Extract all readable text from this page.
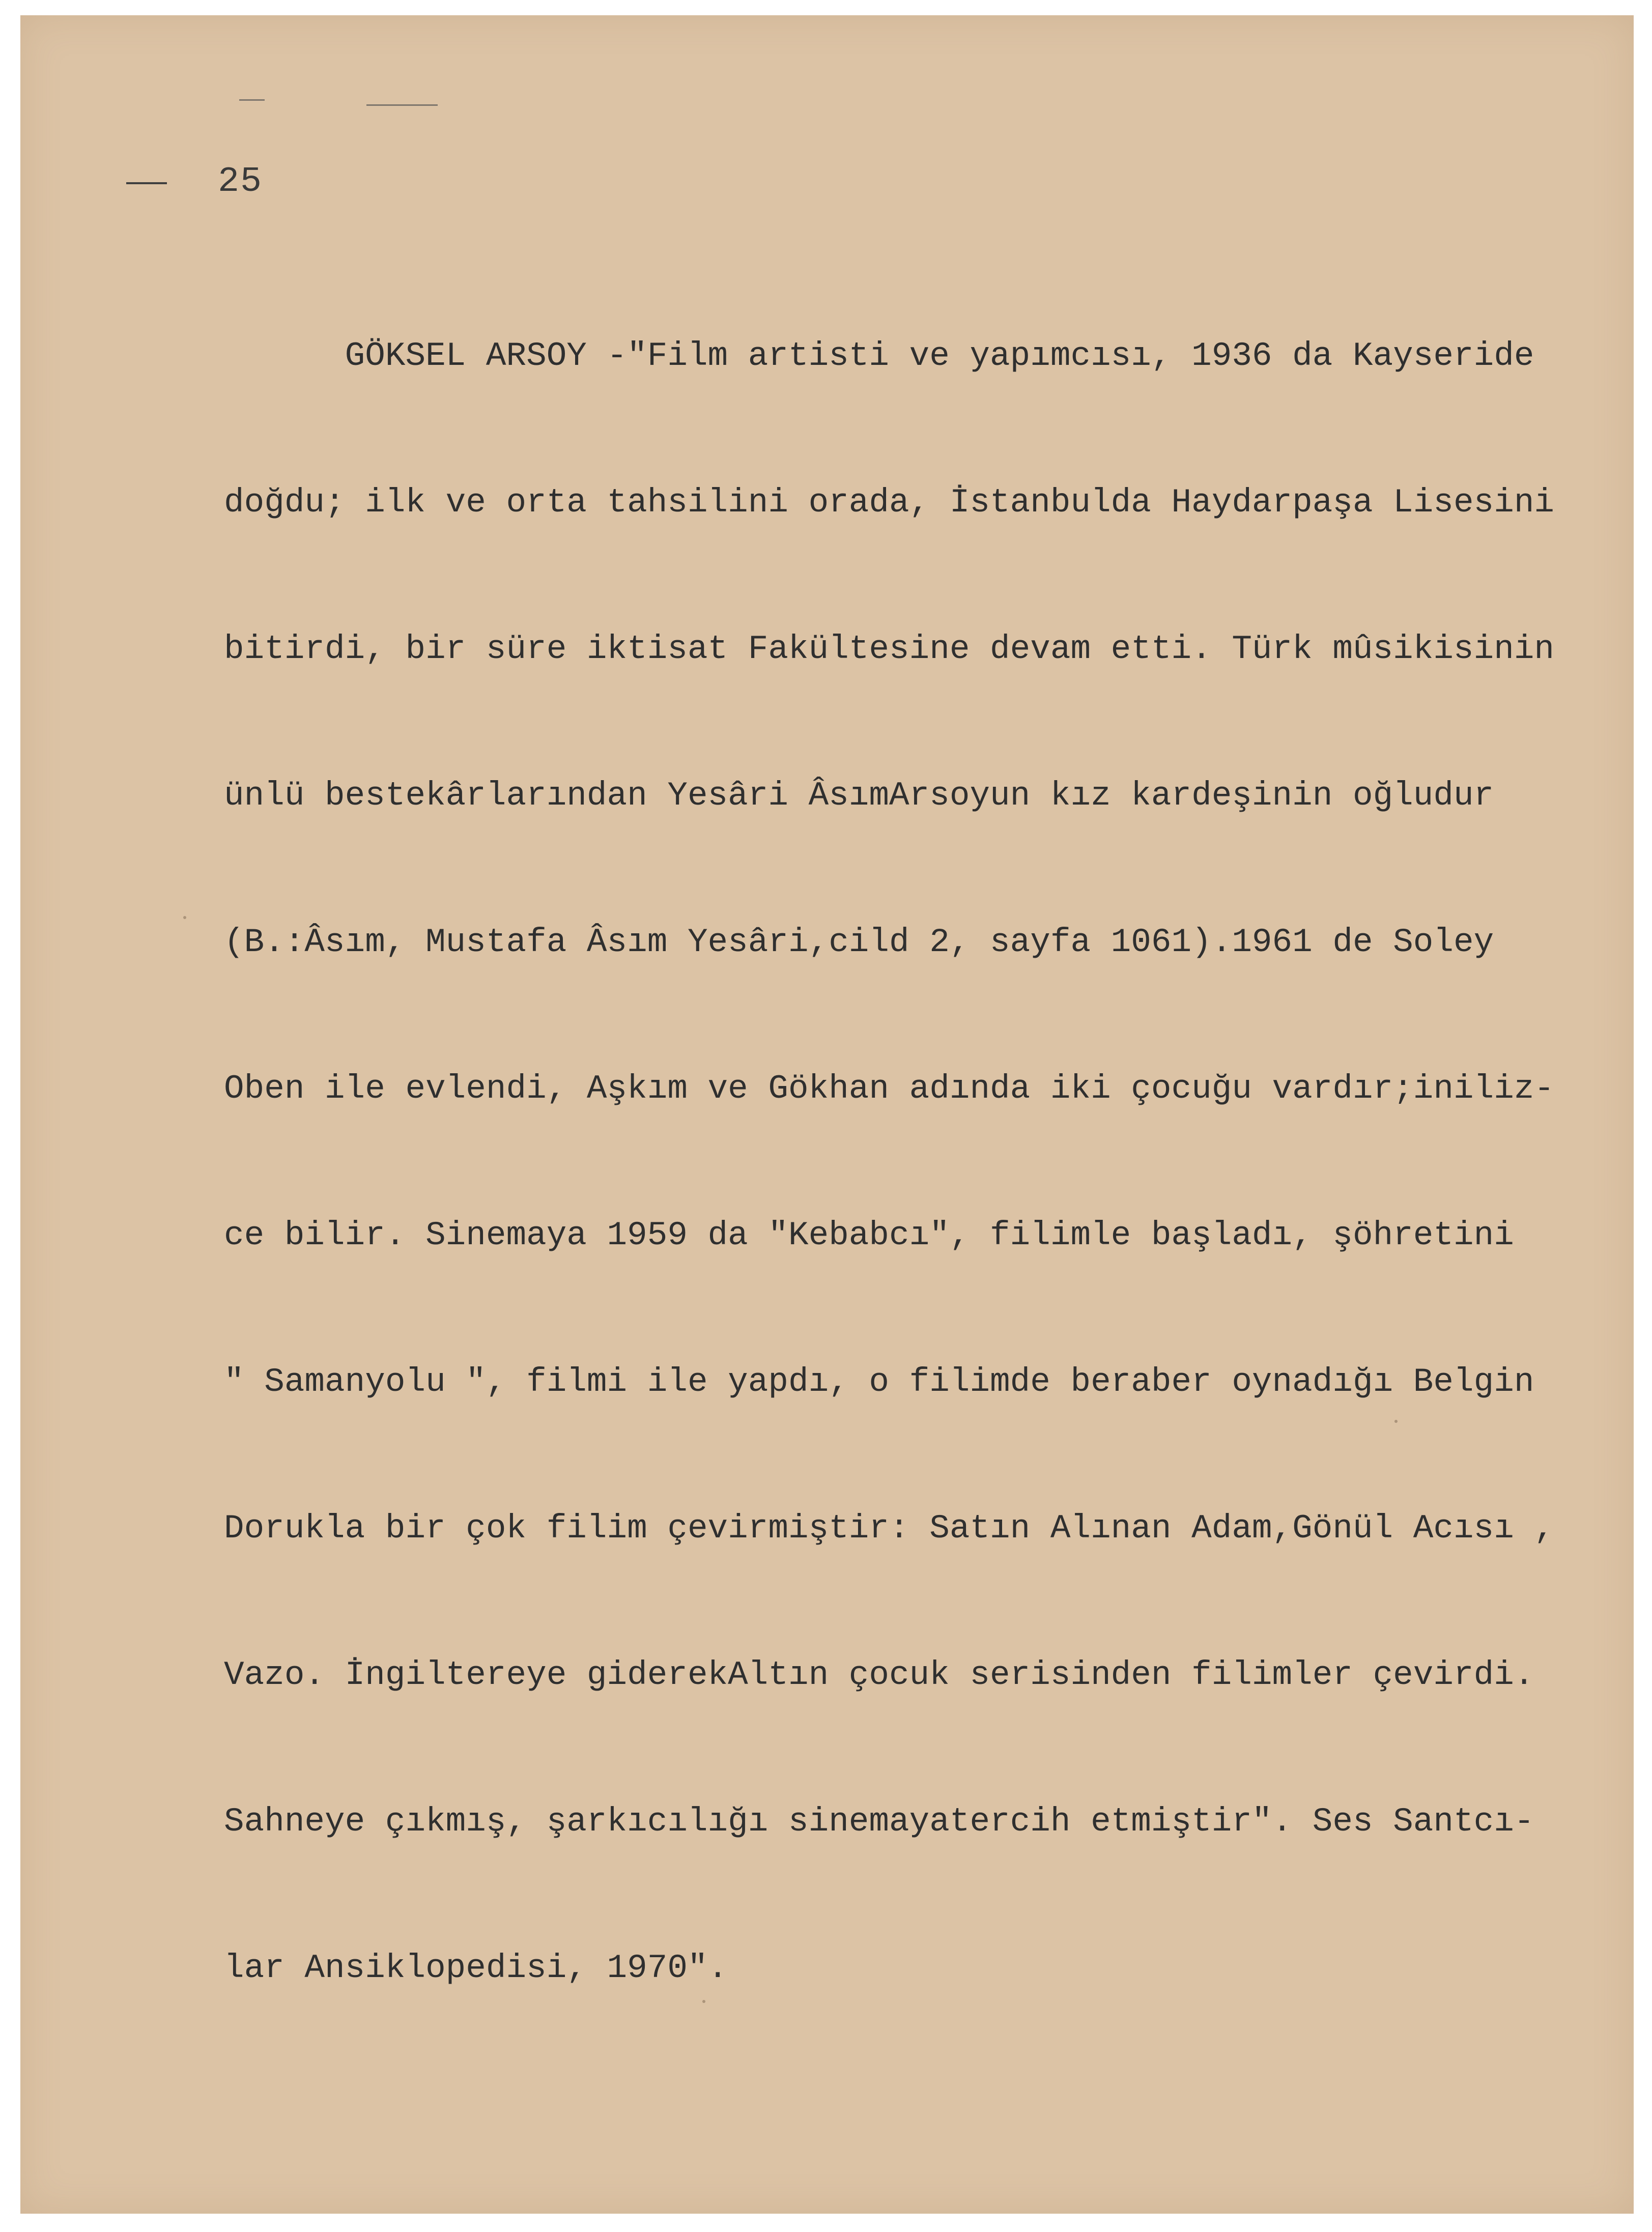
25

GÖKSEL ARSOY -"Film artisti ve yapımcısı, 1936 da Kayseride

doğdu; ilk ve orta tahsilini orada, İstanbulda Haydarpaşa Lisesini

bitirdi, bir süre iktisat Fakültesine devam etti. Türk mûsikisinin

ünlü bestekârlarından Yesâri ÂsımArsoyun kız kardeşinin oğludur

(B.:Âsım, Mustafa Âsım Yesâri,cild 2, sayfa 1061).1961 de Soley

Oben ile evlendi, Aşkım ve Gökhan adında iki çocuğu vardır;iniliz-

ce bilir. Sinemaya 1959 da "Kebabcı", filimle başladı, şöhretini

" Samanyolu ", filmi ile yapdı, o filimde beraber oynadığı Belgin

Dorukla bir çok filim çevirmiştir: Satın Alınan Adam,Gönül Acısı ,

Vazo. İngiltereye giderekAltın çocuk serisinden filimler çevirdi.

Sahneye çıkmış, şarkıcılığı sinemayatercih etmiştir". Ses Santcı-

lar Ansiklopedisi, 1970".
